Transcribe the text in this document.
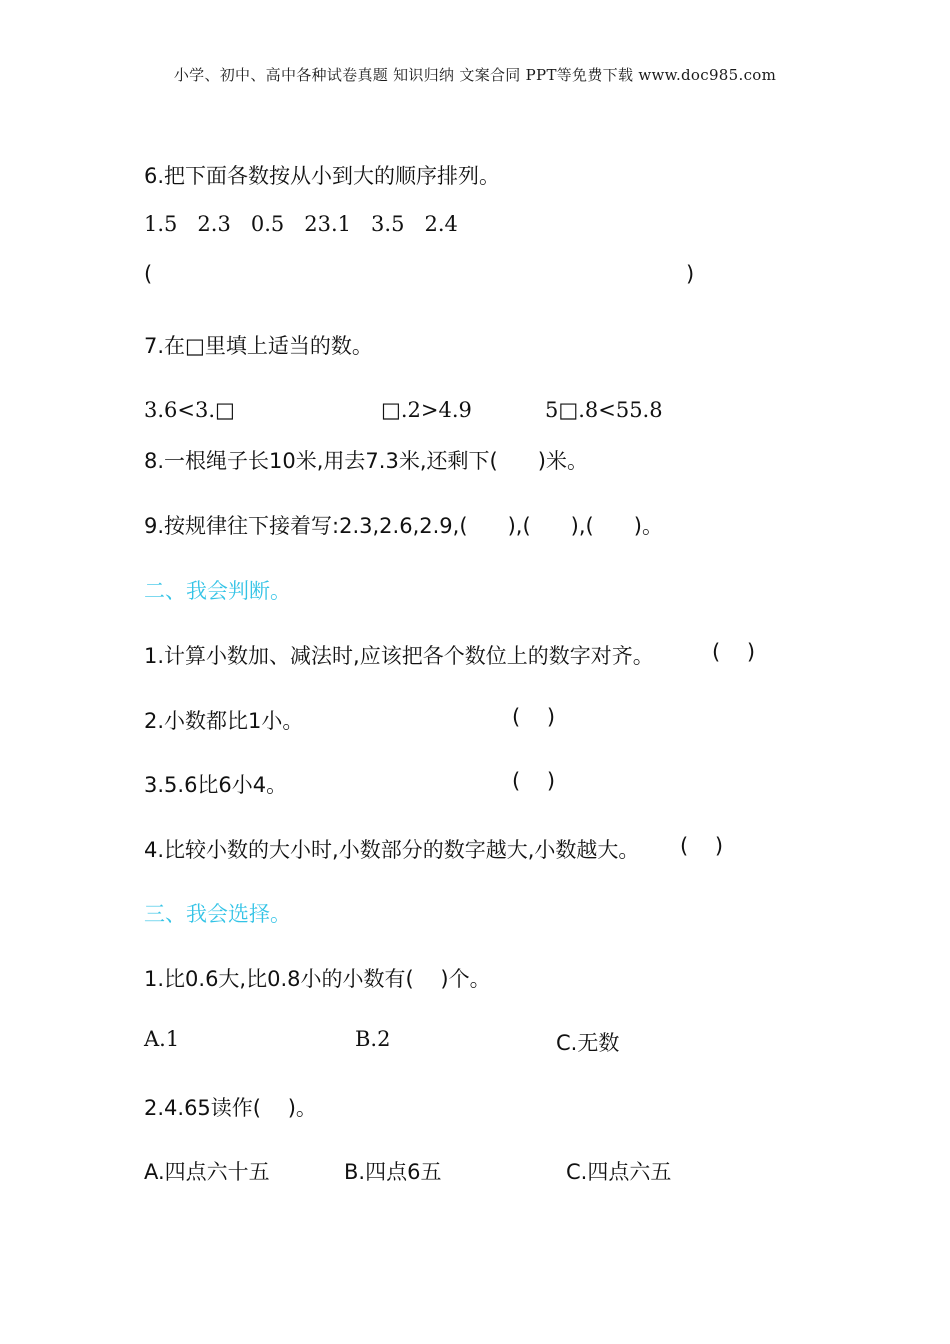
小学、初中、高中各种试卷真题 知识归纳 文案合同 PPT等免费下载 www.doc985.com
6.把下面各数按从小到大的顺序排列。
1.5   2.3   0.5   23.1   3.5   2.4
(	)
7.在□里填上适当的数。
3.6<3.□	□.2>4.9	5□.8<55.8
8.一根绳子长10米,用去7.3米,还剩下(      )米。
9.按规律往下接着写:2.3,2.6,2.9,(      ),(      ),(      )。
二、我会判断。
1.计算小数加、减法时,应该把各个数位上的数字对齐。	(    )
2.小数都比1小。	(    )
3.5.6比6小4。	(    )
4.比较小数的大小时,小数部分的数字越大,小数越大。 (    )
三、我会选择。
1.比0.6大,比0.8小的小数有(    )个。
A.1	B.2	C.无数
2.4.65读作(    )。
A.四点六十五	B.四点6五	C.四点六五
